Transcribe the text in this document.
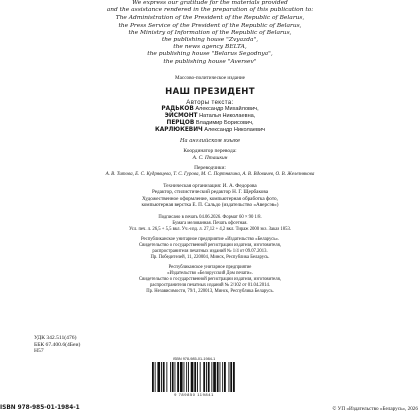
We express our gratitude for the materials provided
and the assistance rendered in the preparation of this publication to:
The Administration of the President of the Republic of Belarus,
the Press Service of the President of the Republic of Belarus,
the Ministry of Information of the Republic of Belarus,
the publishing house "Zvyazda",
the news agency BELTA,
the publishing house "Belarus Segodnya",
the publishing house "Aversev"
Массово-политическое издание
НАШ ПРЕЗИДЕНТ
Авторы текста:
РАДЬКОВ Александр Михайлович,
ЭЙСМОНТ Наталья Николаевна,
ПЕРЦОВ Владимир Борисович,
КАРЛЮКЕВИЧ Александр Николаевич
На английском языке
Координатор перевода:
А. С. Пташкин
Переводчики:
А. В. Титова, Е. С. Кудрявцева, Т. С. Гурова, М. С. Портнягина, А. В. Вдовичев, О. В. Железнякова
Техническая организация: И. А. Федорова
Редактор, стилистический редактор Н. Г. Щербакова
Художественное оформление, компьютерная обработка фото,
компьютерная верстка Е. П. Сальдо (издательство «Аверсэв»)
Подписано в печать 04.06.2026. Формат 60 × 90 1/8.
Бумага мелованная. Печать офсетная.
Усл. печ. л. 26,5 + 5,5 вкл. Уч.-изд. л. 27,12 + 4,2 вкл. Тираж 2000 экз. Заказ 1853.
Республиканское унитарное предприятие «Издательство «Беларусь».
Свидетельство о государственной регистрации издателя, изготовителя,
распространителя печатных изданий № 1/4 от 09.07.2013.
Пр. Победителей, 11, 220004, Минск, Республика Беларусь.
Республиканское унитарное предприятие
«Издательство «Белорусский Дом печати».
Свидетельство о государственной регистрации издателя, изготовителя,
распространителя печатных изданий № 2/102 от 01.04.2014.
Пр. Независимости, 79/1, 220013, Минск, Республика Беларусь.
УДК 342.511(476)
ББК 67.400.6(4Беи)
Н57
ISBN 978-985-01-1984-1
9 789850 119841
ISBN 978-985-01-1984-1	© УП «Издательство «Беларусь», 2026
